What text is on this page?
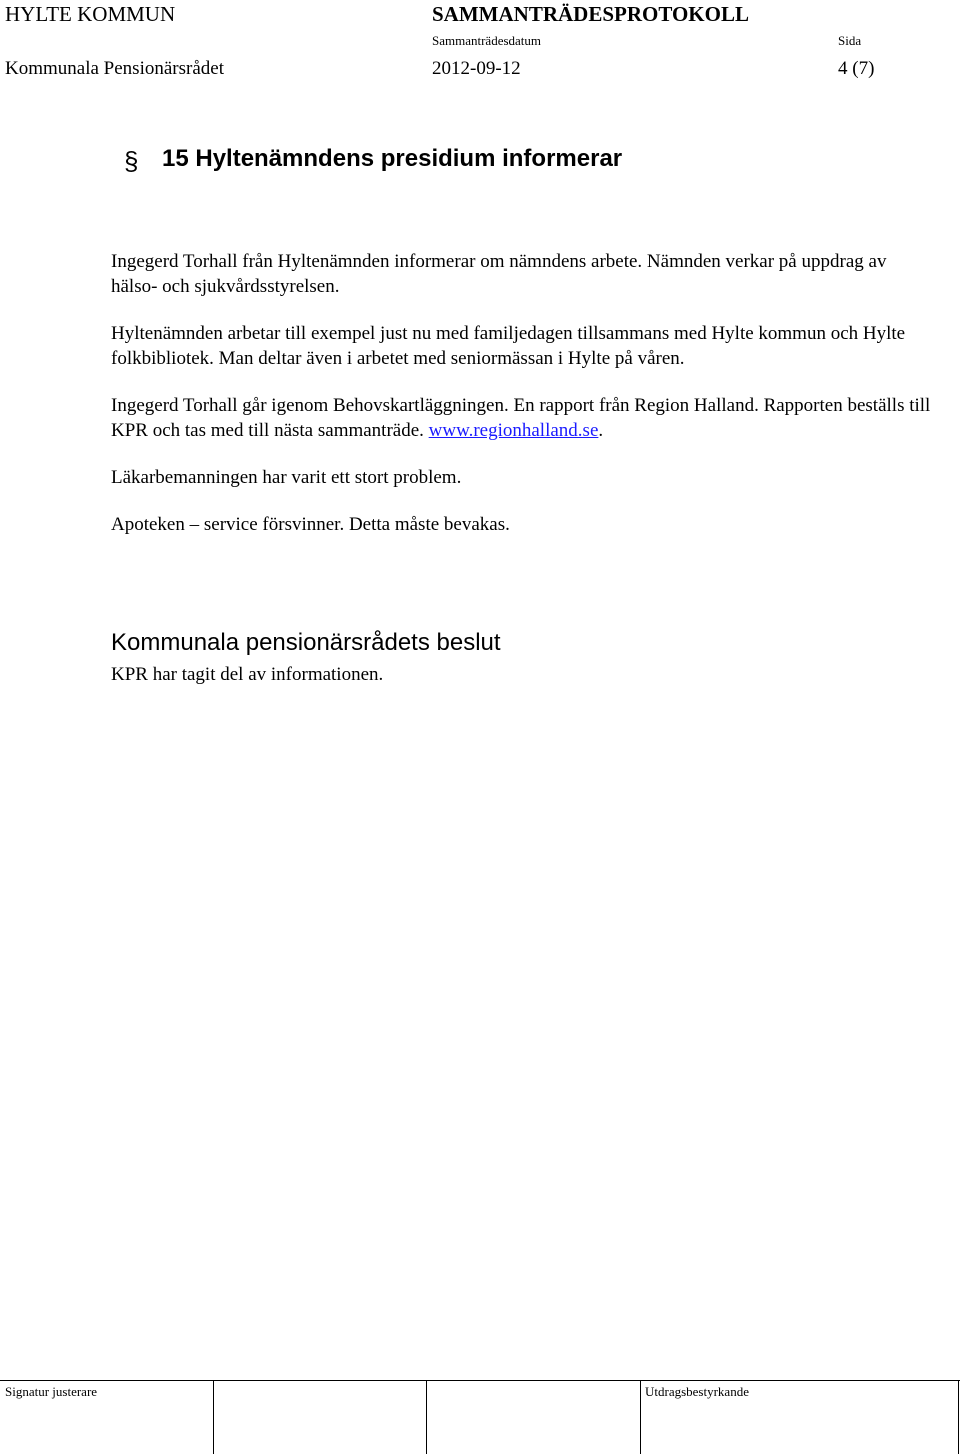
HYLTE KOMMUN	SAMMANTRÄDESPROTOKOLL
Sammanträdesdatum	Sida
Kommunala Pensionärsrådet	2012-09-12	4 (7)
§ 15 Hyltenämndens presidium informerar

Ingegerd Torhall från Hyltenämnden informerar om nämndens arbete. Nämnden verkar på uppdrag av hälso- och sjukvårdsstyrelsen.

Hyltenämnden arbetar till exempel just nu med familjedagen tillsammans med Hylte kommun och Hylte folkbibliotek. Man deltar även i arbetet med seniormässan i Hylte på våren.

Ingegerd Torhall går igenom Behovskartläggningen. En rapport från Region Halland. Rapporten beställs till KPR och tas med till nästa sammanträde. www.regionhalland.se.

Läkarbemanningen har varit ett stort problem.

Apoteken – service försvinner. Detta måste bevakas.

Kommunala pensionärsrådets beslut
KPR har tagit del av informationen.
Signatur justerare	Utdragsbestyrkande
